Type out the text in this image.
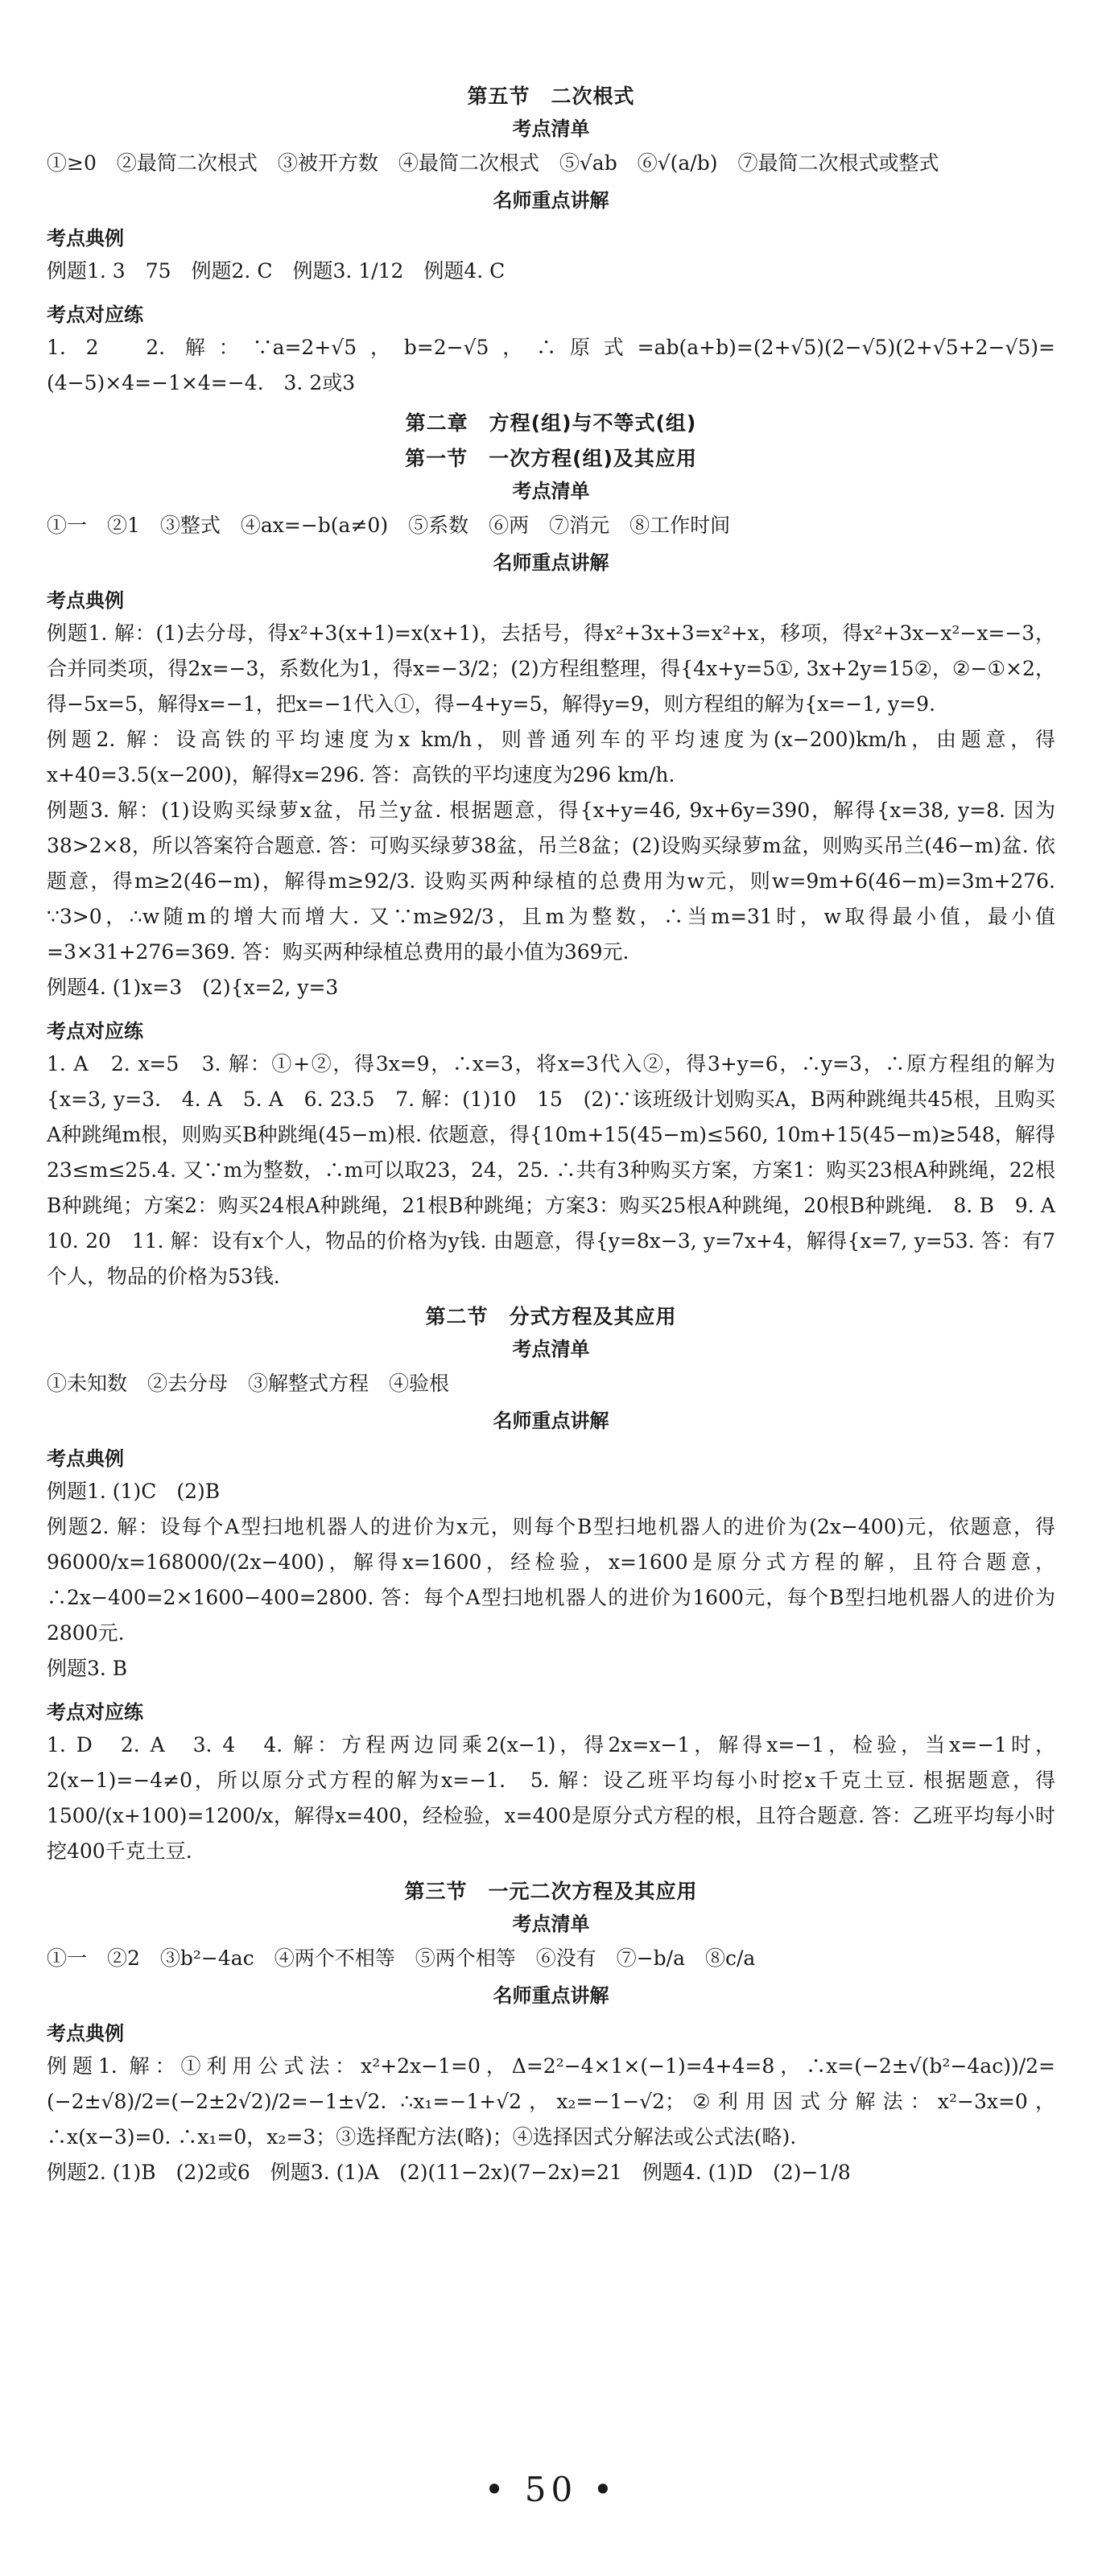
第五节　二次根式
考点清单

①≥0　②最简二次根式　③被开方数　④最简二次根式　⑤√ab　⑥√(a/b)　⑦最简二次根式或整式

名师重点讲解
考点典例

例题1. 3　75　例题2. C　例题3. 1/12　例题4. C

考点对应练

1. 2　2. 解：∵a=2+√5，b=2−√5，∴原式=ab(a+b)=(2+√5)(2−√5)(2+√5+2−√5)=(4−5)×4=−1×4=−4.　3. 2或3

第二章　方程(组)与不等式(组)
第一节　一次方程(组)及其应用
考点清单

①一　②1　③整式　④ax=−b(a≠0)　⑤系数　⑥两　⑦消元　⑧工作时间

名师重点讲解
考点典例

例题1. 解：(1)去分母，得x²+3(x+1)=x(x+1)，去括号，得x²+3x+3=x²+x，移项，得x²+3x−x²−x=−3，合并同类项，得2x=−3，系数化为1，得x=−3/2；(2)方程组整理，得{4x+y=5①, 3x+2y=15②，②−①×2，得−5x=5，解得x=−1，把x=−1代入①，得−4+y=5，解得y=9，则方程组的解为{x=−1, y=9.

例题2. 解：设高铁的平均速度为x km/h，则普通列车的平均速度为(x−200)km/h，由题意，得x+40=3.5(x−200)，解得x=296. 答：高铁的平均速度为296 km/h.

例题3. 解：(1)设购买绿萝x盆，吊兰y盆. 根据题意，得{x+y=46, 9x+6y=390，解得{x=38, y=8. 因为38>2×8，所以答案符合题意. 答：可购买绿萝38盆，吊兰8盆；(2)设购买绿萝m盆，则购买吊兰(46−m)盆. 依题意，得m≥2(46−m)，解得m≥92/3. 设购买两种绿植的总费用为w元，则w=9m+6(46−m)=3m+276. ∵3>0，∴w随m的增大而增大. 又∵m≥92/3，且m为整数，∴当m=31时，w取得最小值，最小值=3×31+276=369. 答：购买两种绿植总费用的最小值为369元.

例题4. (1)x=3　(2){x=2, y=3

考点对应练

1. A　2. x=5　3. 解：①+②，得3x=9，∴x=3，将x=3代入②，得3+y=6，∴y=3，∴原方程组的解为{x=3, y=3.　4. A　5. A　6. 23.5　7. 解：(1)10　15　(2)∵该班级计划购买A，B两种跳绳共45根，且购买A种跳绳m根，则购买B种跳绳(45−m)根. 依题意，得{10m+15(45−m)≤560, 10m+15(45−m)≥548，解得23≤m≤25.4. 又∵m为整数，∴m可以取23，24，25. ∴共有3种购买方案，方案1：购买23根A种跳绳，22根B种跳绳；方案2：购买24根A种跳绳，21根B种跳绳；方案3：购买25根A种跳绳，20根B种跳绳.　8. B　9. A　10. 20　11. 解：设有x个人，物品的价格为y钱. 由题意，得{y=8x−3, y=7x+4，解得{x=7, y=53. 答：有7个人，物品的价格为53钱.

第二节　分式方程及其应用
考点清单

①未知数　②去分母　③解整式方程　④验根

名师重点讲解
考点典例

例题1. (1)C　(2)B

例题2. 解：设每个A型扫地机器人的进价为x元，则每个B型扫地机器人的进价为(2x−400)元，依题意，得96000/x=168000/(2x−400)，解得x=1600，经检验，x=1600是原分式方程的解，且符合题意，∴2x−400=2×1600−400=2800. 答：每个A型扫地机器人的进价为1600元，每个B型扫地机器人的进价为2800元.

例题3. B

考点对应练

1. D　2. A　3. 4　4. 解：方程两边同乘2(x−1)，得2x=x−1，解得x=−1，检验，当x=−1时，2(x−1)=−4≠0，所以原分式方程的解为x=−1.　5. 解：设乙班平均每小时挖x千克土豆. 根据题意，得1500/(x+100)=1200/x，解得x=400，经检验，x=400是原分式方程的根，且符合题意. 答：乙班平均每小时挖400千克土豆.

第三节　一元二次方程及其应用
考点清单

①一　②2　③b²−4ac　④两个不相等　⑤两个相等　⑥没有　⑦−b/a　⑧c/a

名师重点讲解
考点典例

例题1. 解：①利用公式法：x²+2x−1=0，Δ=2²−4×1×(−1)=4+4=8，∴x=(−2±√(b²−4ac))/2=(−2±√8)/2=(−2±2√2)/2=−1±√2. ∴x₁=−1+√2，x₂=−1−√2；②利用因式分解法：x²−3x=0，∴x(x−3)=0. ∴x₁=0，x₂=3；③选择配方法(略)；④选择因式分解法或公式法(略).

例题2. (1)B　(2)2或6　例题3. (1)A　(2)(11−2x)(7−2x)=21　例题4. (1)D　(2)−1/8

• 50 •
